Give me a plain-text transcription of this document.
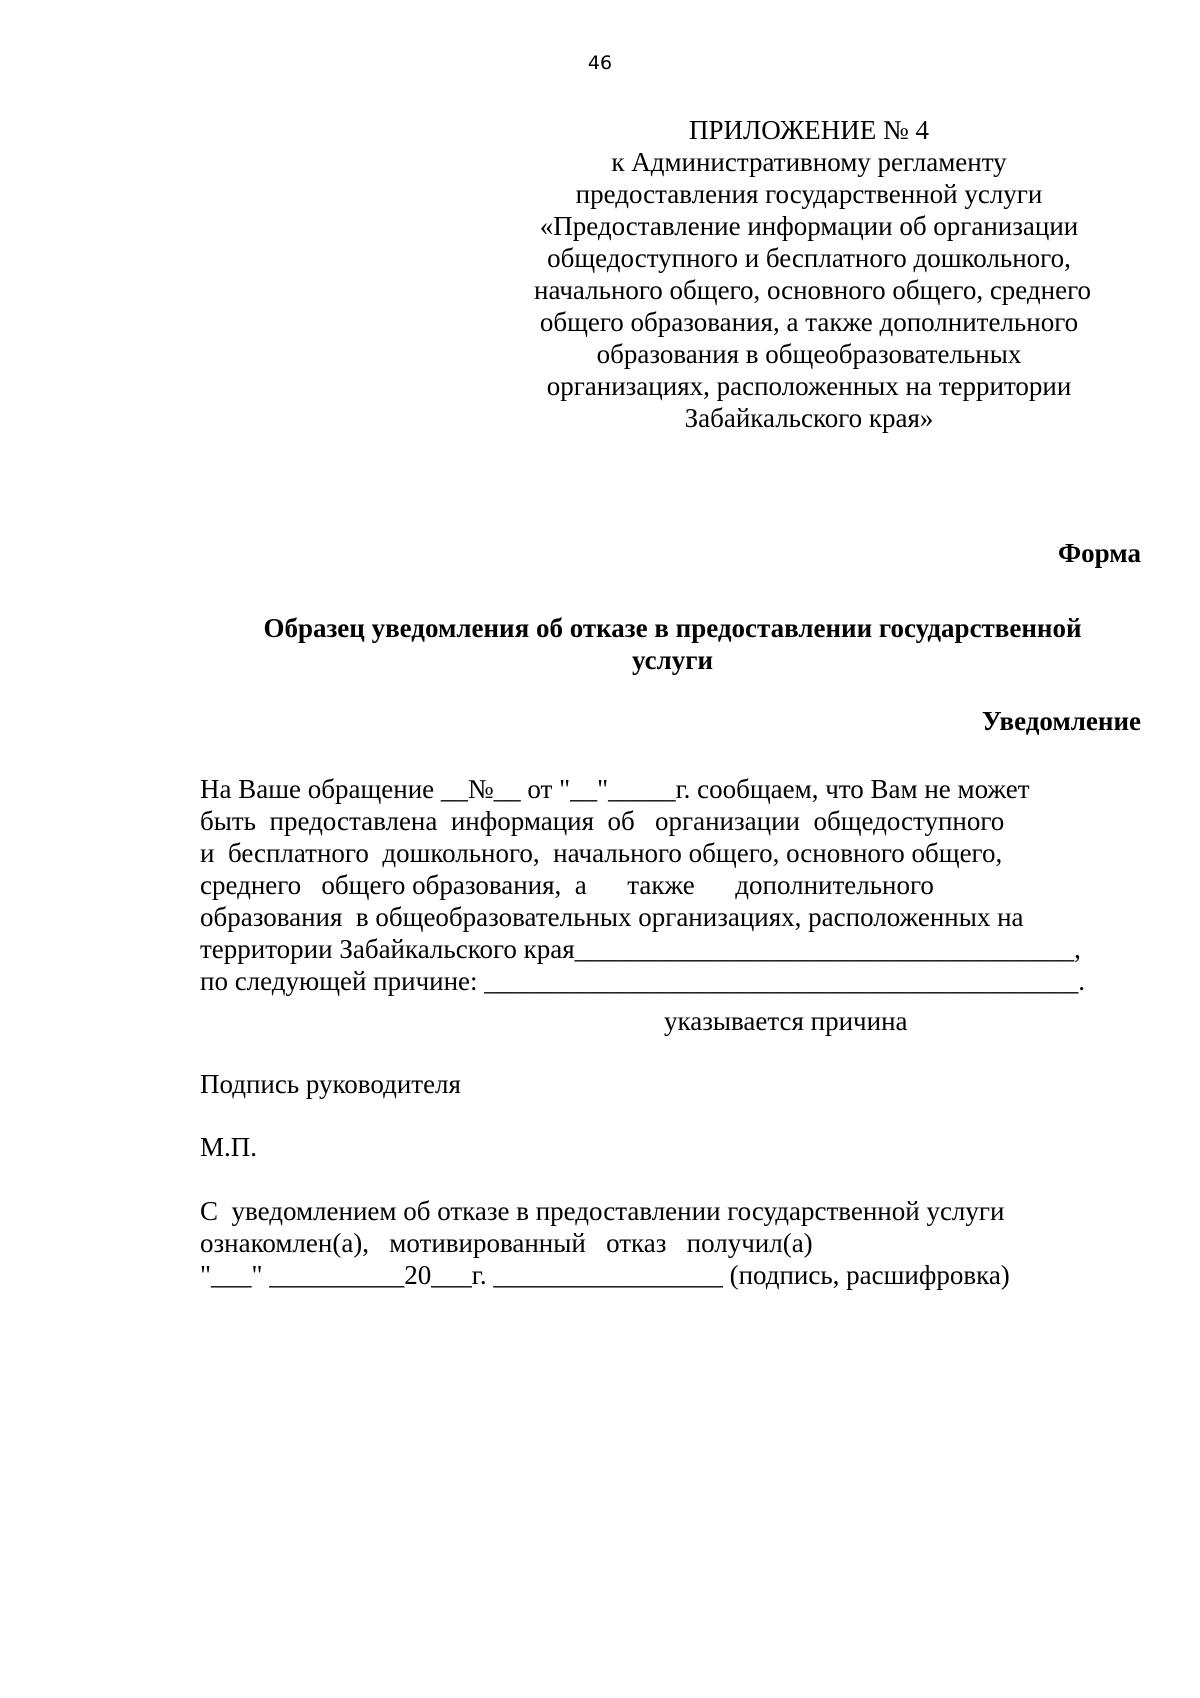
46
ПРИЛОЖЕНИЕ № 4
к Административному регламенту
предоставления государственной услуги
«Предоставление информации об организации
общедоступного и бесплатного дошкольного,
начального общего, основного общего, среднего
общего образования, а также дополнительного
образования в общеобразовательных
организациях, расположенных на территории
Забайкальского края»
Форма
Образец уведомления об отказе в предоставлении государственной
услуги
Уведомление
На Ваше обращение __№__ от "__"_____г. сообщаем, что Вам не может
быть  предоставлена  информация  об   организации  общедоступного
и  бесплатного  дошкольного,  начального общего, основного общего,
среднего   общего образования,  а      также      дополнительного
образования  в общеобразовательных организациях, расположенных на
территории Забайкальского края_____________________________________,
по следующей причине: ____________________________________________.
указывается причина
Подпись руководителя
М.П.
С  уведомлением об отказе в предоставлении государственной услуги
ознакомлен(а),   мотивированный   отказ   получил(а)
"___" __________20___г. _________________ (подпись, расшифровка)
